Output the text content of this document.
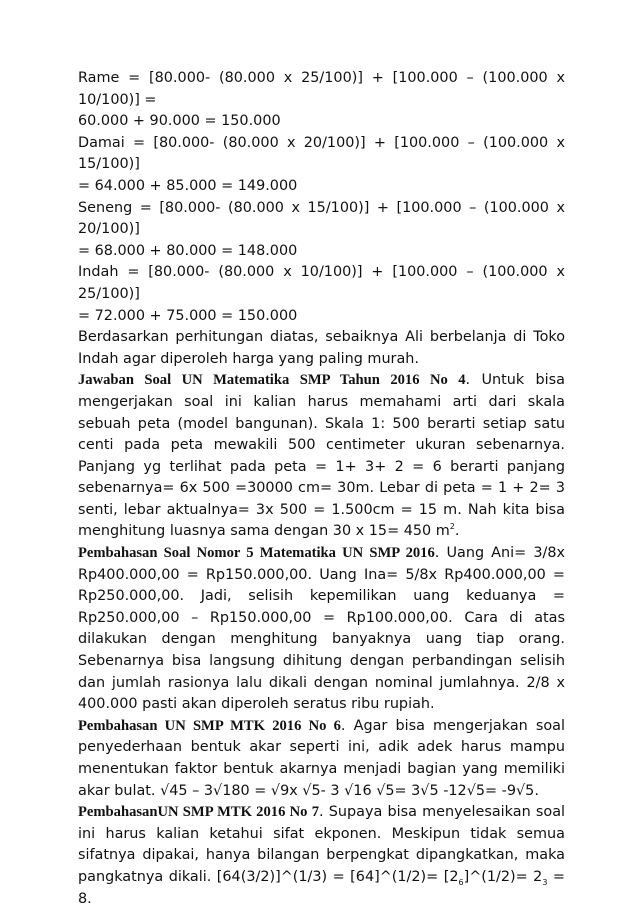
Rame = [80.000- (80.000 x 25/100)] + [100.000 – (100.000 x 10/100)] =

60.000 + 90.000 = 150.000

Damai = [80.000- (80.000 x 20/100)] + [100.000 – (100.000 x 15/100)]

= 64.000 + 85.000 = 149.000

Seneng = [80.000- (80.000 x 15/100)] + [100.000 – (100.000 x 20/100)]

= 68.000 + 80.000 = 148.000

Indah = [80.000- (80.000 x 10/100)] + [100.000 – (100.000 x 25/100)]

= 72.000 + 75.000 = 150.000

Berdasarkan perhitungan diatas, sebaiknya Ali berbelanja di Toko Indah agar diperoleh harga yang paling murah.

Jawaban Soal UN Matematika SMP Tahun 2016 No 4. Untuk bisa mengerjakan soal ini kalian harus memahami arti dari skala sebuah peta (model bangunan). Skala 1: 500 berarti setiap satu centi pada peta mewakili 500 centimeter ukuran sebenarnya. Panjang yg terlihat pada peta = 1+ 3+ 2 = 6 berarti panjang sebenarnya= 6x 500 =30000 cm= 30m. Lebar di peta = 1 + 2= 3 senti, lebar aktualnya= 3x 500 = 1.500cm = 15 m. Nah kita bisa menghitung luasnya sama dengan 30 x 15= 450 $m^2$.

Pembahasan Soal Nomor 5 Matematika UN SMP 2016. Uang Ani= 3/8x Rp400.000,00 = Rp150.000,00. Uang Ina= 5/8x Rp400.000,00 = Rp250.000,00. Jadi, selisih kepemilikan uang keduanya = Rp250.000,00 – Rp150.000,00 = Rp100.000,00. Cara di atas dilakukan dengan menghitung banyaknya uang tiap orang. Sebenarnya bisa langsung dihitung dengan perbandingan selisih dan jumlah rasionya lalu dikali dengan nominal jumlahnya. 2/8 x 400.000 pasti akan diperoleh seratus ribu rupiah.

Pembahasan UN SMP MTK 2016 No 6. Agar bisa mengerjakan soal penyederhaan bentuk akar seperti ini, adik adek harus mampu menentukan faktor bentuk akarnya menjadi bagian yang memiliki akar bulat. √45 – 3√180 = √9x √5- 3 √16 √5= 3√5 -12√5= -9√5.

PembahasanUN SMP MTK 2016 No 7. Supaya bisa menyelesaikan soal ini harus kalian ketahui sifat ekponen. Meskipun tidak semua sifatnya dipakai, hanya bilangan berpengkat dipangkatkan, maka pangkatnya dikali. [64(3/2)]^(1/3) = [64]^(1/2)= $[2_6]\^{}(1/2)= 2_3 = 8$.
